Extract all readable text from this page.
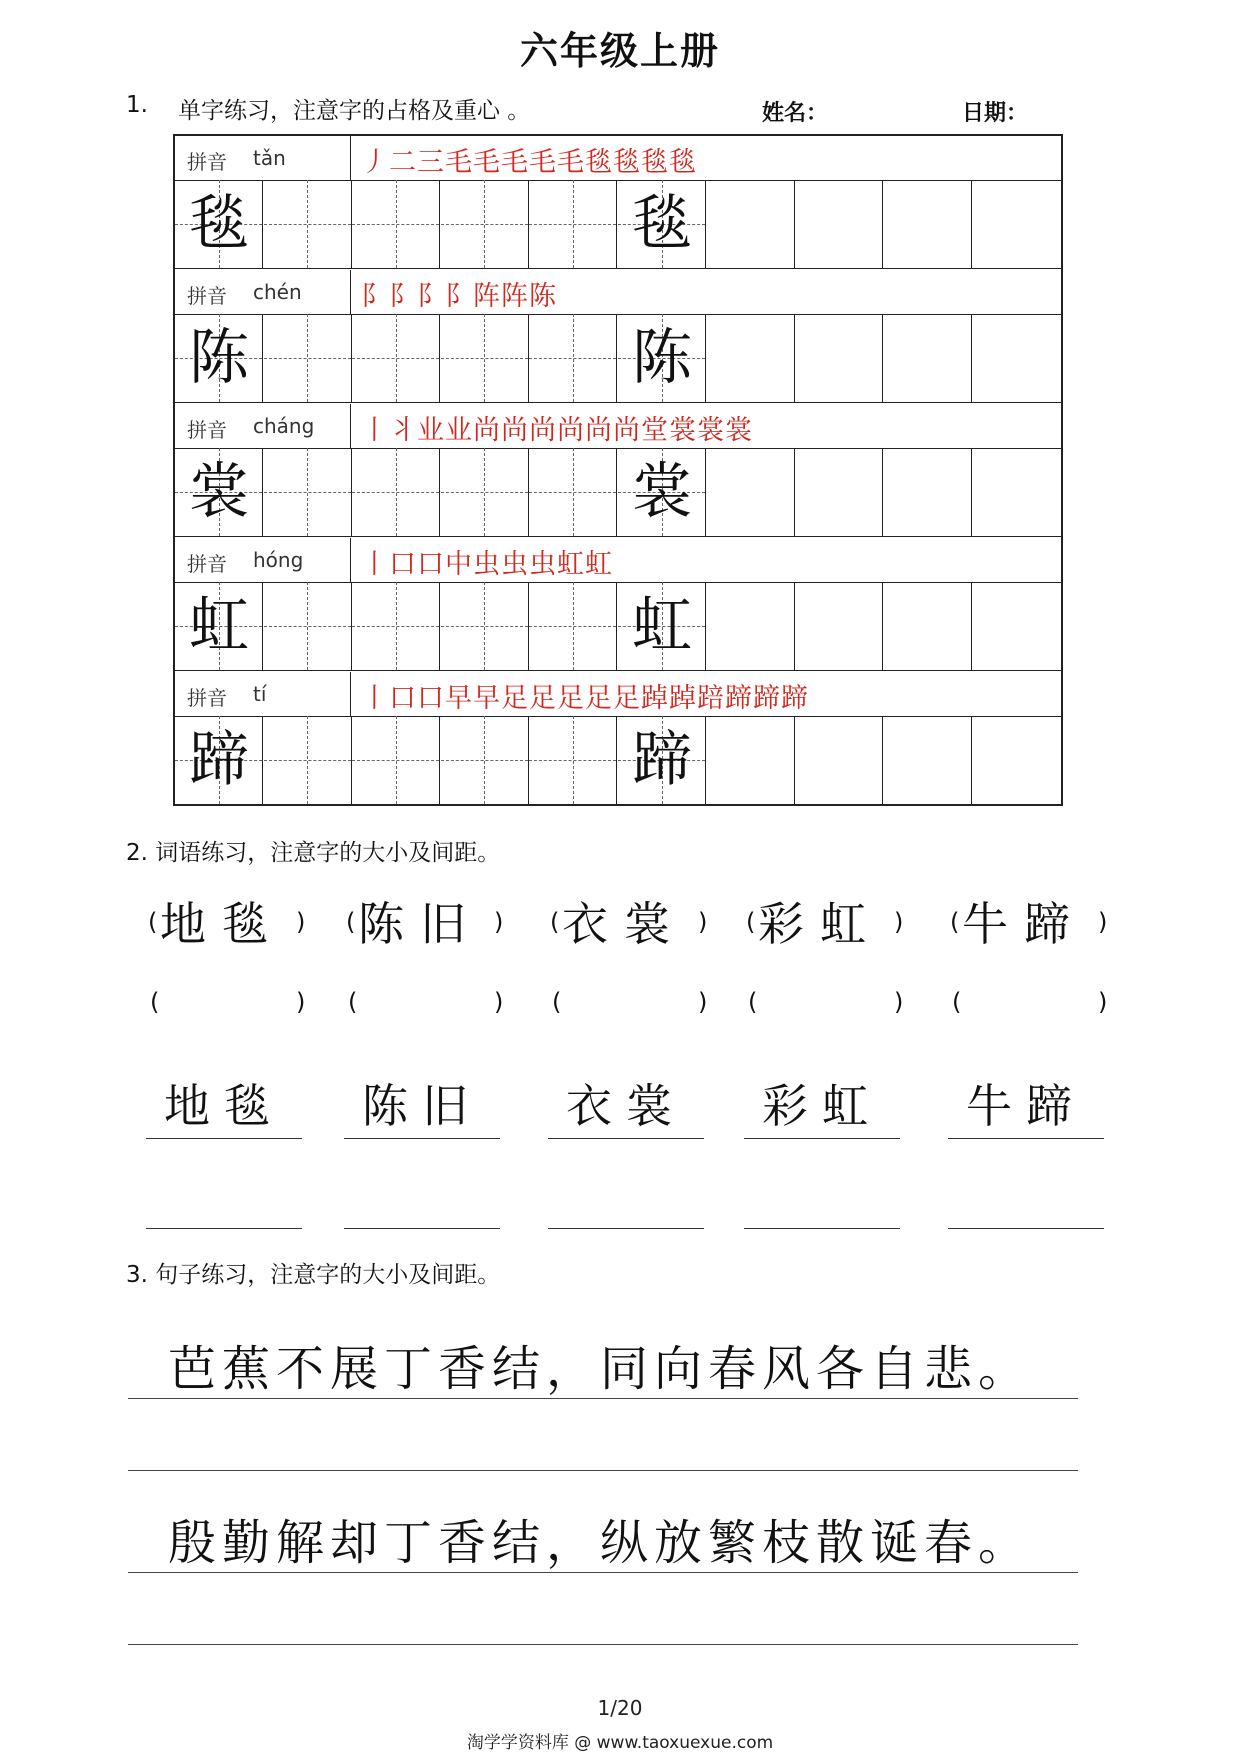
六年级上册
1. 单字练习，注意字的占格及重心 。	姓名：	日期：
拼音 tǎn	丿二三毛毛毛毛毛毯毯毯毯
毯	毯
拼音 chén 阝阝阝阝阵阵陈
陈	陈
拼音 cháng 丨丬业业尚尚尚尚尚尚堂裳裳裳
裳	裳
拼音 hóng 丨口口中虫虫虫虹虹
虹	虹
拼音 tí	丨口口早早足足足足足踔踔踣蹄蹄蹄
蹄	蹄
2. 词语练习，注意字的大小及间距。
( 地毯 )
(	)
地毯
( 陈旧 )
(	)
陈旧
( 衣裳 )
(	)
衣裳
( 彩虹 )
(	)
彩虹
( 牛蹄 )
(	)
牛蹄
3. 句子练习，注意字的大小及间距。
芭蕉不展丁香结，同向春风各自悲。
殷勤解却丁香结，纵放繁枝散诞春。
1/20
淘学学资料库 @ www.taoxuexue.com
